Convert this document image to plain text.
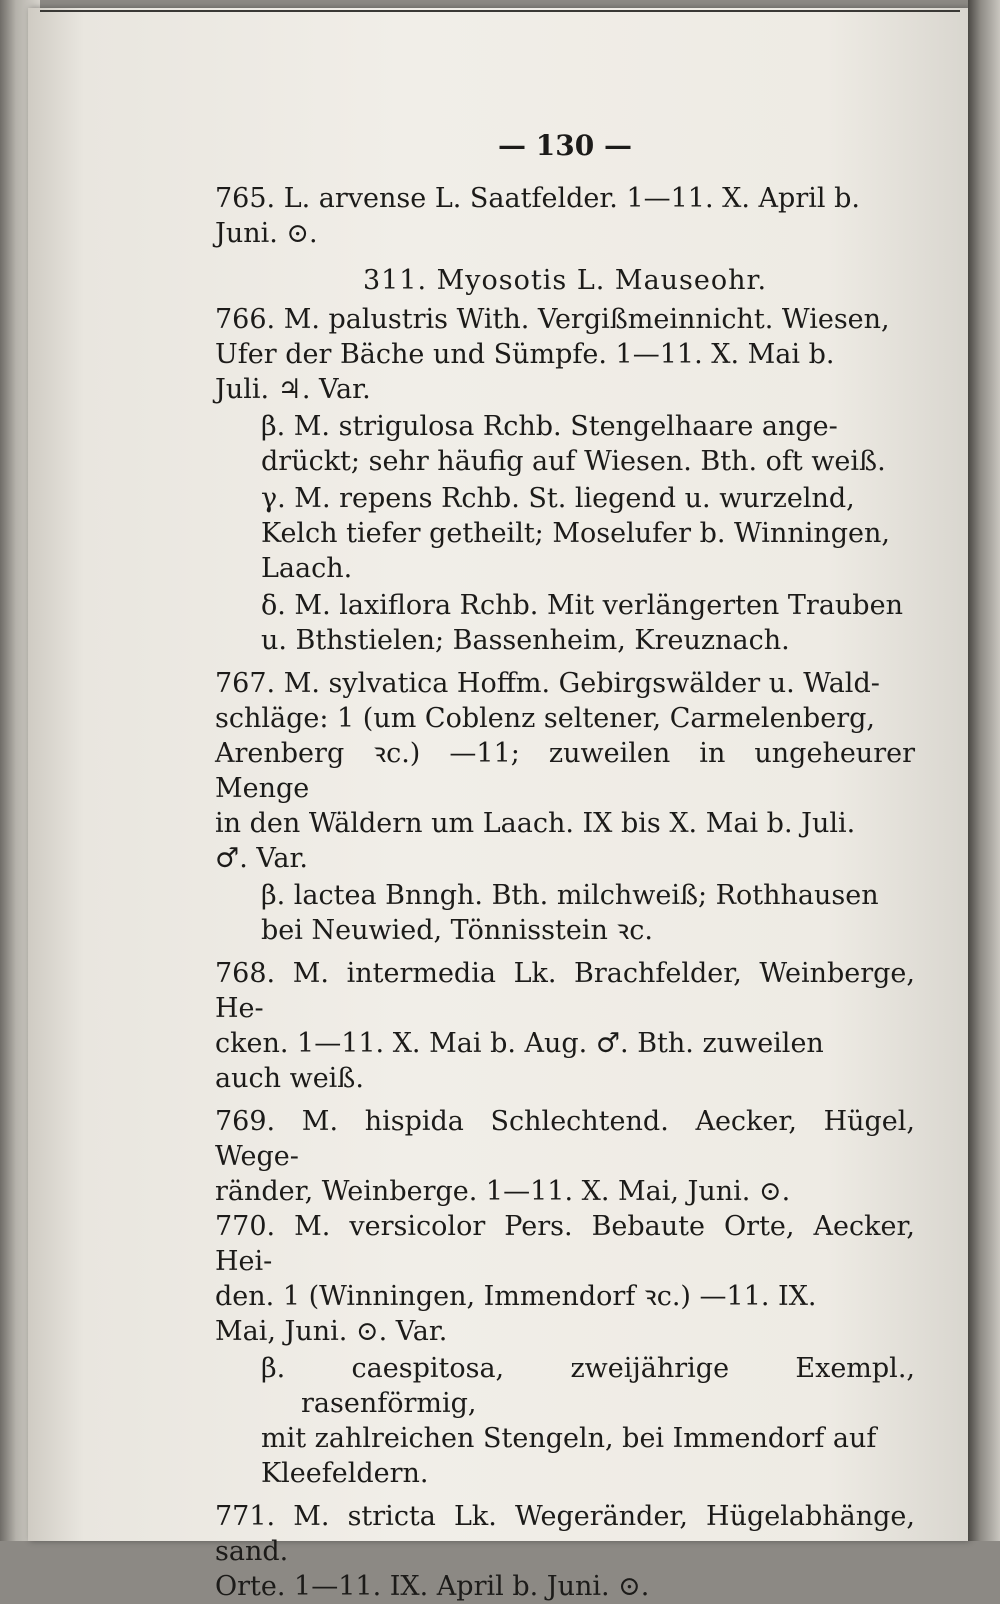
— 130 —
765. L. arvense L. Saatfelder. 1—11. X. April b.
Juni. ⊙.
311. Myosotis L. Mauseohr.
766. M. palustris With. Vergißmeinnicht. Wiesen,
Ufer der Bäche und Sümpfe. 1—11. X. Mai b.
Juli. ♃. Var.
β. M. strigulosa Rchb. Stengelhaare ange-
drückt; sehr häufig auf Wiesen. Bth. oft weiß.
γ. M. repens Rchb. St. liegend u. wurzelnd,
Kelch tiefer getheilt; Moselufer b. Winningen,
Laach.
δ. M. laxiflora Rchb. Mit verlängerten Trauben
u. Bthstielen; Bassenheim, Kreuznach.
767. M. sylvatica Hoffm. Gebirgswälder u. Wald-
schläge: 1 (um Coblenz seltener, Carmelenberg,
Arenberg ꝛc.) —11; zuweilen in ungeheurer Menge
in den Wäldern um Laach. IX bis X. Mai b. Juli.
♂. Var.
β. lactea Bnngh. Bth. milchweiß; Rothhausen
bei Neuwied, Tönnisstein ꝛc.
768. M. intermedia Lk. Brachfelder, Weinberge, He-
cken. 1—11. X. Mai b. Aug. ♂. Bth. zuweilen
auch weiß.
769. M. hispida Schlechtend. Aecker, Hügel, Wege-
ränder, Weinberge. 1—11. X. Mai, Juni. ⊙.
770. M. versicolor Pers. Bebaute Orte, Aecker, Hei-
den. 1 (Winningen, Immendorf ꝛc.) —11. IX.
Mai, Juni. ⊙. Var.
β. caespitosa, zweijährige Exempl., rasenförmig,
mit zahlreichen Stengeln, bei Immendorf auf
Kleefeldern.
771. M. stricta Lk. Wegeränder, Hügelabhänge, sand.
Orte. 1—11. IX. April b. Juni. ⊙.
